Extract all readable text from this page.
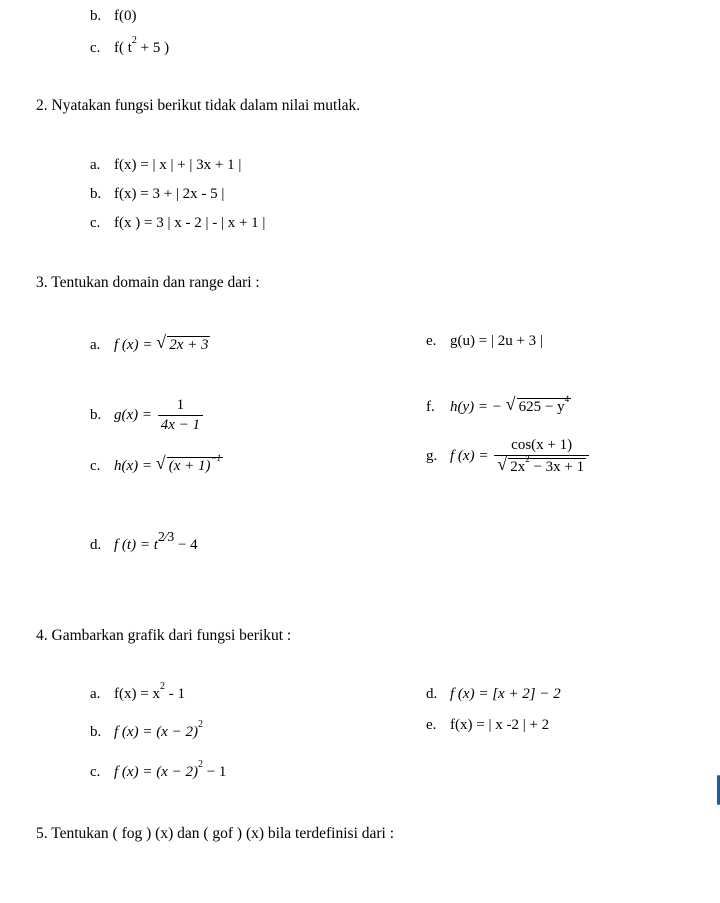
b. f(0)
c. f( $t^2 + 5$ )
2. Nyatakan fungsi berikut tidak dalam nilai mutlak.
a. f(x) = | x | + | 3x + 1 |
b. f(x) = 3 + | 2x - 5 |
c. f(x ) = 3 | x - 2 | - | x + 1 |
3. Tentukan domain dan range dari :
a. f (x) = √ 2x + 3
b. $g(x) = \frac{1}{4x - 1}$
c. h(x) = √ $(x + 1)^{-1}$
d. f (t) = t2⁄3 − 4
e. g(u) = | 2u + 3 |
f. h(y) = − √ $625 - y^4$
g. f $(x) = \frac{\cos(x + 1)}{√ 2x^2 - 3x + 1}$
4. Gambarkan grafik dari fungsi berikut :
a. $f(x) = x^2 - 1$
b. f $(x) = (x - 2)^2$
c. f $(x) = (x - 2)^2 - 1$
d. f (x) = [x + 2] − 2
e. f(x) = | x -2 | + 2
5. Tentukan ( fog ) (x) dan ( gof ) (x) bila terdefinisi dari :
